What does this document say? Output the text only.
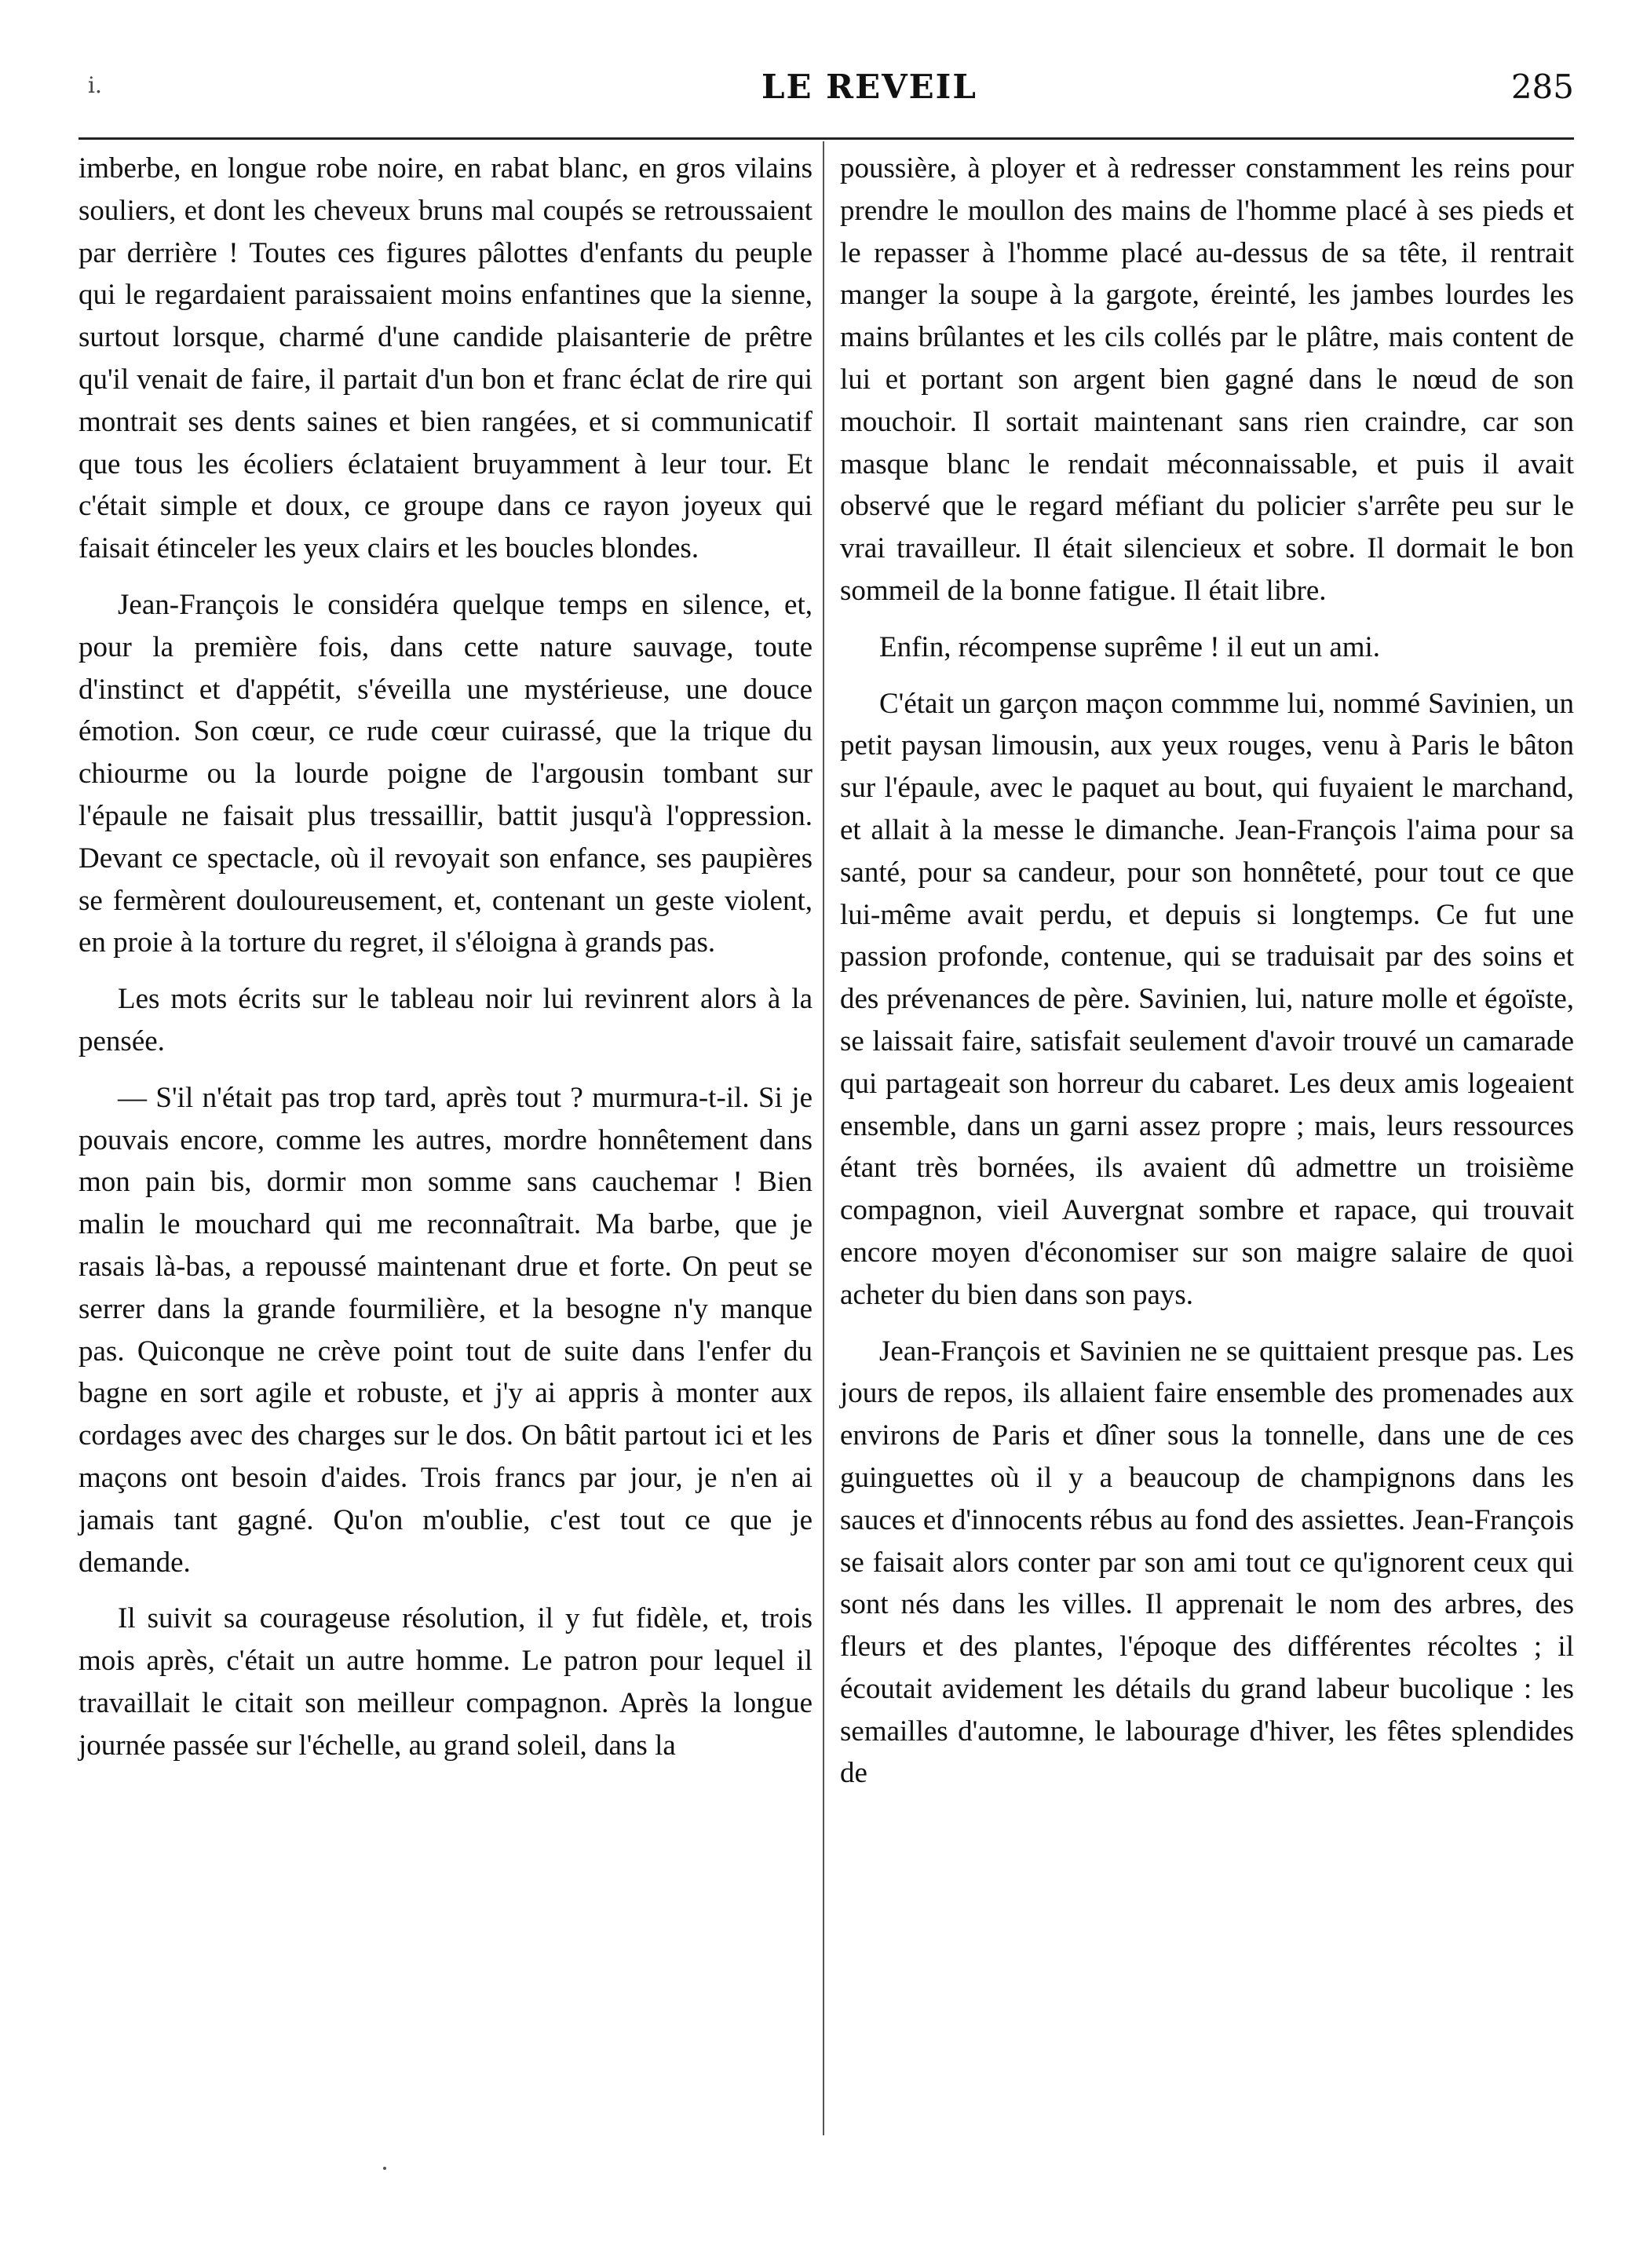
i.	LE REVEIL	285

imberbe, en longue robe noire, en rabat blanc, en gros vilains souliers, et dont les cheveux bruns mal coupés se retroussaient par derrière ! Toutes ces figures pâlottes d'enfants du peuple qui le regardaient paraissaient moins enfantines que la sienne, surtout lorsque, charmé d'une candide plaisanterie de prêtre qu'il venait de faire, il partait d'un bon et franc éclat de rire qui montrait ses dents saines et bien rangées, et si communicatif que tous les écoliers éclataient bruyamment à leur tour. Et c'était simple et doux, ce groupe dans ce rayon joyeux qui faisait étinceler les yeux clairs et les boucles blondes.

Jean-François le considéra quelque temps en silence, et, pour la première fois, dans cette nature sauvage, toute d'instinct et d'appétit, s'éveilla une mystérieuse, une douce émotion. Son cœur, ce rude cœur cuirassé, que la trique du chiourme ou la lourde poigne de l'argousin tombant sur l'épaule ne faisait plus tressaillir, battit jusqu'à l'oppression. Devant ce spectacle, où il revoyait son enfance, ses paupières se fermèrent douloureusement, et, contenant un geste violent, en proie à la torture du regret, il s'éloigna à grands pas.

Les mots écrits sur le tableau noir lui revinrent alors à la pensée.

— S'il n'était pas trop tard, après tout ? murmura-t-il. Si je pouvais encore, comme les autres, mordre honnêtement dans mon pain bis, dormir mon somme sans cauchemar ! Bien malin le mouchard qui me reconnaîtrait. Ma barbe, que je rasais là-bas, a repoussé maintenant drue et forte. On peut se serrer dans la grande fourmilière, et la besogne n'y manque pas. Quiconque ne crève point tout de suite dans l'enfer du bagne en sort agile et robuste, et j'y ai appris à monter aux cordages avec des charges sur le dos. On bâtit partout ici et les maçons ont besoin d'aides. Trois francs par jour, je n'en ai jamais tant gagné. Qu'on m'oublie, c'est tout ce que je demande.

Il suivit sa courageuse résolution, il y fut fidèle, et, trois mois après, c'était un autre homme. Le patron pour lequel il travaillait le citait son meilleur compagnon. Après la longue journée passée sur l'échelle, au grand soleil, dans la

poussière, à ployer et à redresser constamment les reins pour prendre le moullon des mains de l'homme placé à ses pieds et le repasser à l'homme placé au-dessus de sa tête, il rentrait manger la soupe à la gargote, éreinté, les jambes lourdes les mains brûlantes et les cils collés par le plâtre, mais content de lui et portant son argent bien gagné dans le nœud de son mouchoir. Il sortait maintenant sans rien craindre, car son masque blanc le rendait méconnaissable, et puis il avait observé que le regard méfiant du policier s'arrête peu sur le vrai travailleur. Il était silencieux et sobre. Il dormait le bon sommeil de la bonne fatigue. Il était libre.

Enfin, récompense suprême ! il eut un ami.

C'était un garçon maçon commme lui, nommé Savinien, un petit paysan limousin, aux yeux rouges, venu à Paris le bâton sur l'épaule, avec le paquet au bout, qui fuyaient le marchand, et allait à la messe le dimanche. Jean-François l'aima pour sa santé, pour sa candeur, pour son honnêteté, pour tout ce que lui-même avait perdu, et depuis si longtemps. Ce fut une passion profonde, contenue, qui se traduisait par des soins et des prévenances de père. Savinien, lui, nature molle et égoïste, se laissait faire, satisfait seulement d'avoir trouvé un camarade qui partageait son horreur du cabaret. Les deux amis logeaient ensemble, dans un garni assez propre ; mais, leurs ressources étant très bornées, ils avaient dû admettre un troisième compagnon, vieil Auvergnat sombre et rapace, qui trouvait encore moyen d'économiser sur son maigre salaire de quoi acheter du bien dans son pays.

Jean-François et Savinien ne se quittaient presque pas. Les jours de repos, ils allaient faire ensemble des promenades aux environs de Paris et dîner sous la tonnelle, dans une de ces guinguettes où il y a beaucoup de champignons dans les sauces et d'innocents rébus au fond des assiettes. Jean-François se faisait alors conter par son ami tout ce qu'ignorent ceux qui sont nés dans les villes. Il apprenait le nom des arbres, des fleurs et des plantes, l'époque des différentes récoltes ; il écoutait avidement les détails du grand labeur bucolique : les semailles d'automne, le labourage d'hiver, les fêtes splendides de
